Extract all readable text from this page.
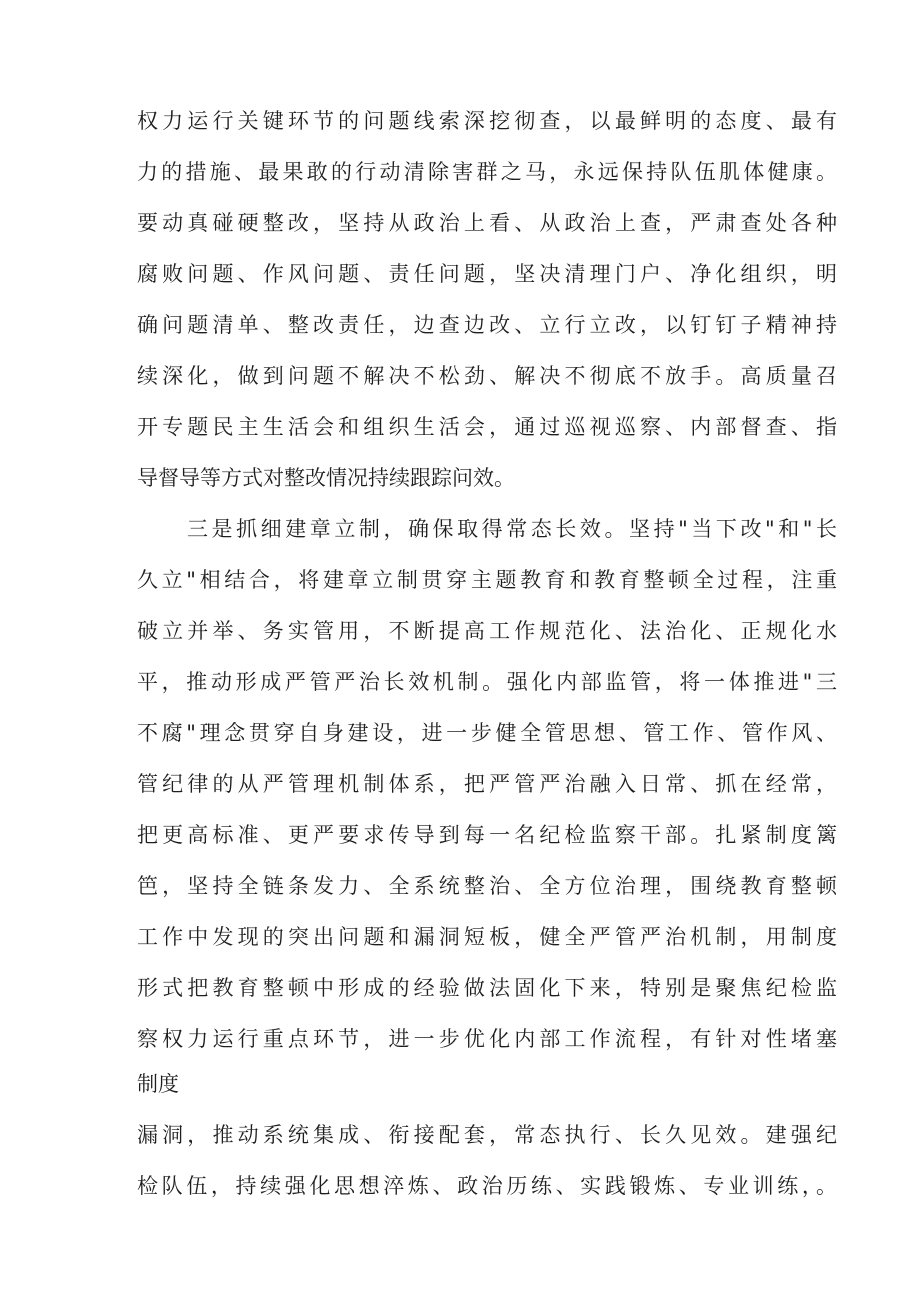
权力运行关键环节的问题线索深挖彻查，以最鲜明的态度、最有
力的措施、最果敢的行动清除害群之马，永远保持队伍肌体健康。
要动真碰硬整改，坚持从政治上看、从政治上查，严肃查处各种
腐败问题、作风问题、责任问题，坚决清理门户、净化组织，明
确问题清单、整改责任，边查边改、立行立改，以钉钉子精神持
续深化，做到问题不解决不松劲、解决不彻底不放手。高质量召
开专题民主生活会和组织生活会，通过巡视巡察、内部督查、指
导督导等方式对整改情况持续跟踪问效。
三是抓细建章立制，确保取得常态长效。坚持"当下改"和"长
久立"相结合，将建章立制贯穿主题教育和教育整顿全过程，注重
破立并举、务实管用，不断提高工作规范化、法治化、正规化水
平，推动形成严管严治长效机制。强化内部监管，将一体推进"三
不腐"理念贯穿自身建设，进一步健全管思想、管工作、管作风、
管纪律的从严管理机制体系，把严管严治融入日常、抓在经常，
把更高标准、更严要求传导到每一名纪检监察干部。扎紧制度篱
笆，坚持全链条发力、全系统整治、全方位治理，围绕教育整顿
工作中发现的突出问题和漏洞短板，健全严管严治机制，用制度
形式把教育整顿中形成的经验做法固化下来，特别是聚焦纪检监
察权力运行重点环节，进一步优化内部工作流程，有针对性堵塞
制度
漏洞，推动系统集成、衔接配套，常态执行、长久见效。建强纪
检队伍，持续强化思想淬炼、政治历练、实践锻炼、专业训练，。
